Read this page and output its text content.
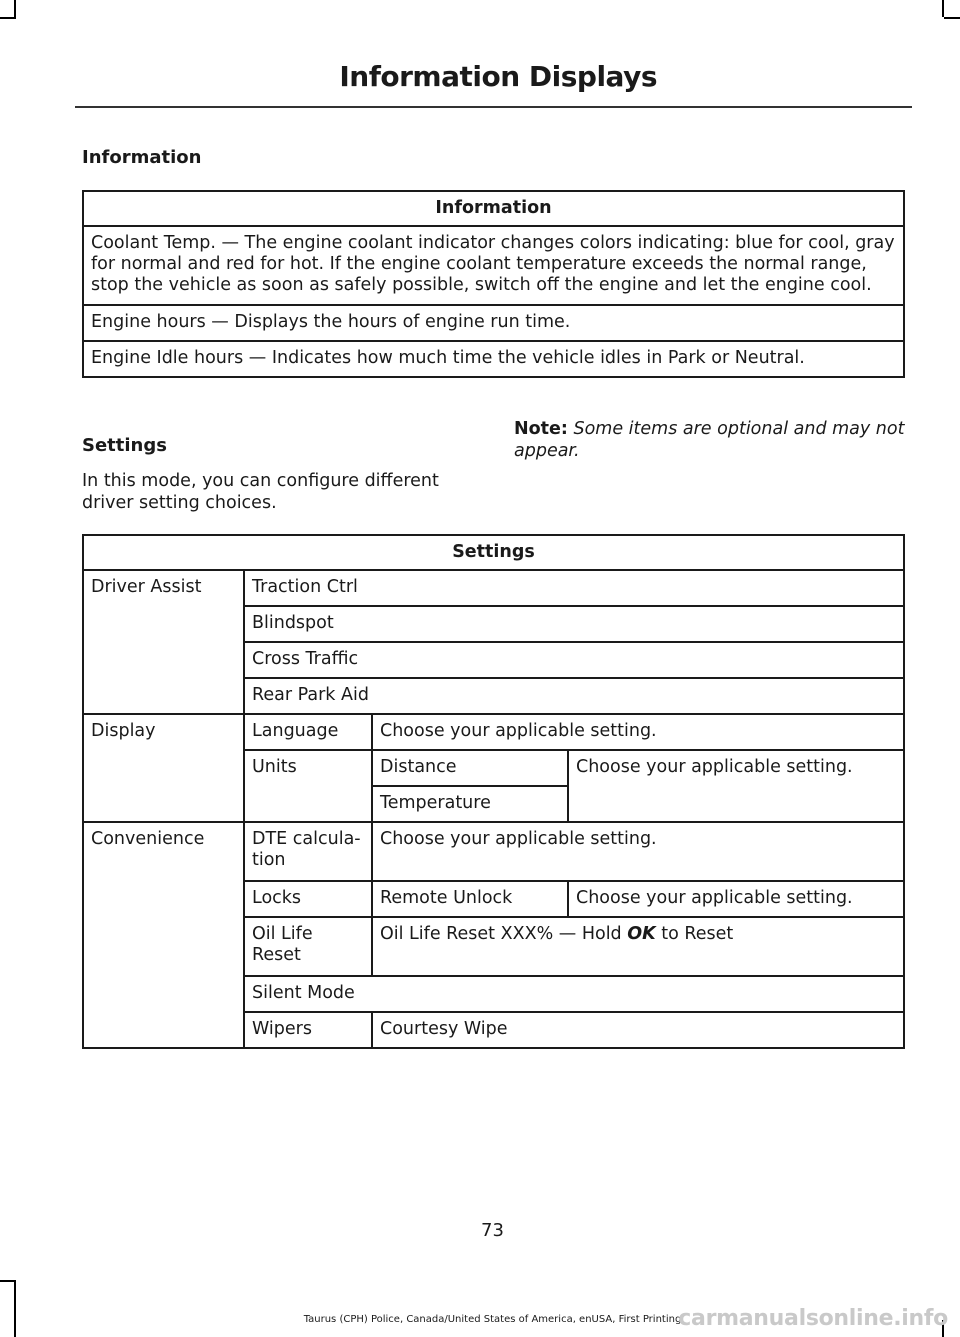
Information Displays
Information
Information
Coolant Temp. — The engine coolant indicator changes colors indicating: blue for cool, gray for normal and red for hot. If the engine coolant temperature exceeds the normal range, stop the vehicle as soon as safely possible, switch off the engine and let the engine cool.
Engine hours — Displays the hours of engine run time.
Engine Idle hours — Indicates how much time the vehicle idles in Park or Neutral.
Settings
In this mode, you can configure different driver setting choices.
Note: Some items are optional and may not appear.
Settings			
Driver Assist	Traction Ctrl		
	Blindspot		
	Cross Traffic		
	Rear Park Aid		
Display	Language	Choose your applicable setting.	
	Units	Distance	Choose your applicable setting.
		Temperature	
Convenience	DTE calcula-tion	Choose your applicable setting.	
	Locks	Remote Unlock	Choose your applicable setting.
	Oil Life Reset	Oil Life Reset XXX% — Hold OK to Reset	
	Silent Mode		
	Wipers	Courtesy Wipe	
73
Taurus (CPH) Police, Canada/United States of America, enUSA, First Printing
carmanualsonline.info
